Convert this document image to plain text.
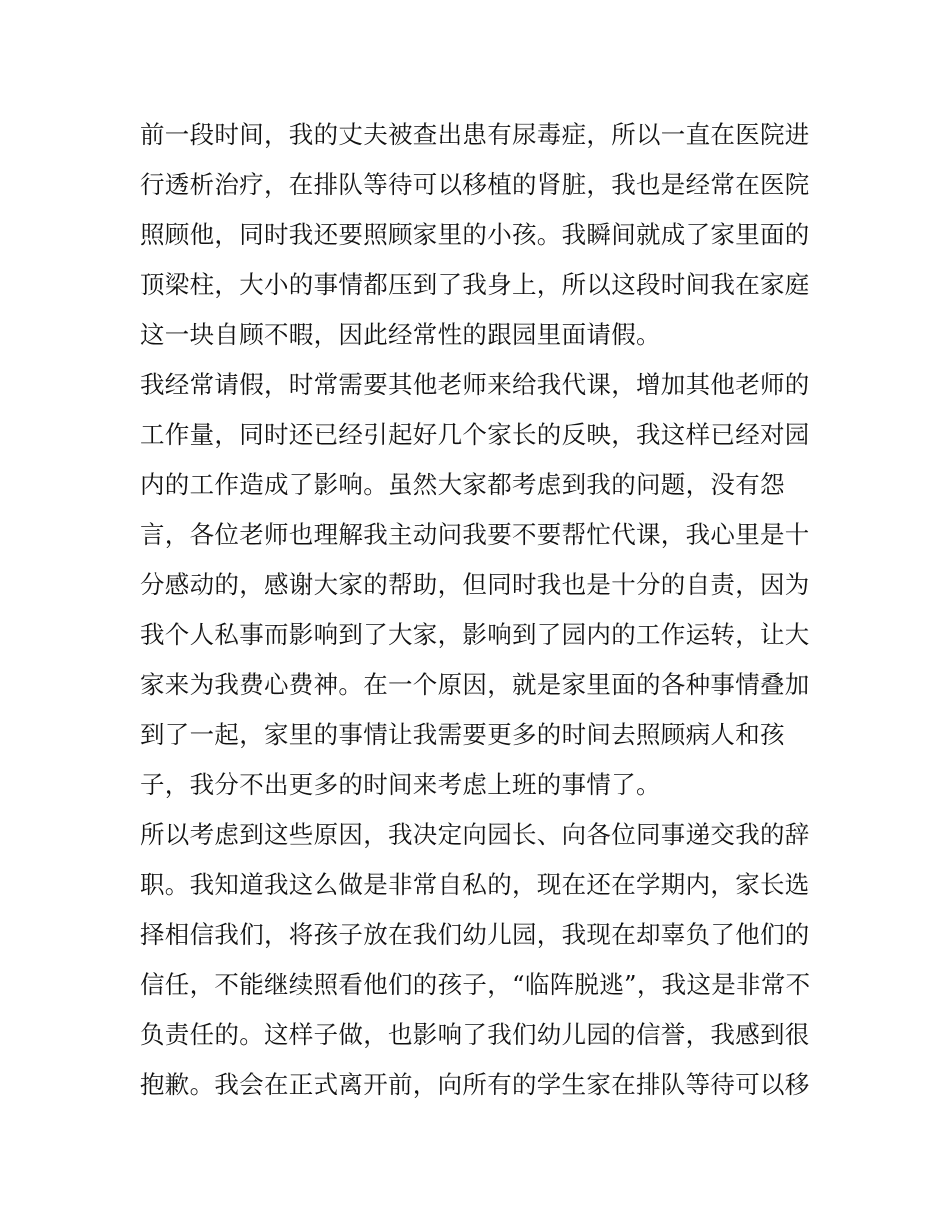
前一段时间，我的丈夫被查出患有尿毒症，所以一直在医院进
行透析治疗，在排队等待可以移植的肾脏，我也是经常在医院
照顾他，同时我还要照顾家里的小孩。我瞬间就成了家里面的
顶梁柱，大小的事情都压到了我身上，所以这段时间我在家庭
这一块自顾不暇，因此经常性的跟园里面请假。
我经常请假，时常需要其他老师来给我代课，增加其他老师的
工作量，同时还已经引起好几个家长的反映，我这样已经对园
内的工作造成了影响。虽然大家都考虑到我的问题，没有怨
言，各位老师也理解我主动问我要不要帮忙代课，我心里是十
分感动的，感谢大家的帮助，但同时我也是十分的自责，因为
我个人私事而影响到了大家，影响到了园内的工作运转，让大
家来为我费心费神。在一个原因，就是家里面的各种事情叠加
到了一起，家里的事情让我需要更多的时间去照顾病人和孩
子，我分不出更多的时间来考虑上班的事情了。
所以考虑到这些原因，我决定向园长、向各位同事递交我的辞
职。我知道我这么做是非常自私的，现在还在学期内，家长选
择相信我们，将孩子放在我们幼儿园，我现在却辜负了他们的
信任，不能继续照看他们的孩子，“临阵脱逃”，我这是非常不
负责任的。这样子做，也影响了我们幼儿园的信誉，我感到很
抱歉。我会在正式离开前，向所有的学生家在排队等待可以移
